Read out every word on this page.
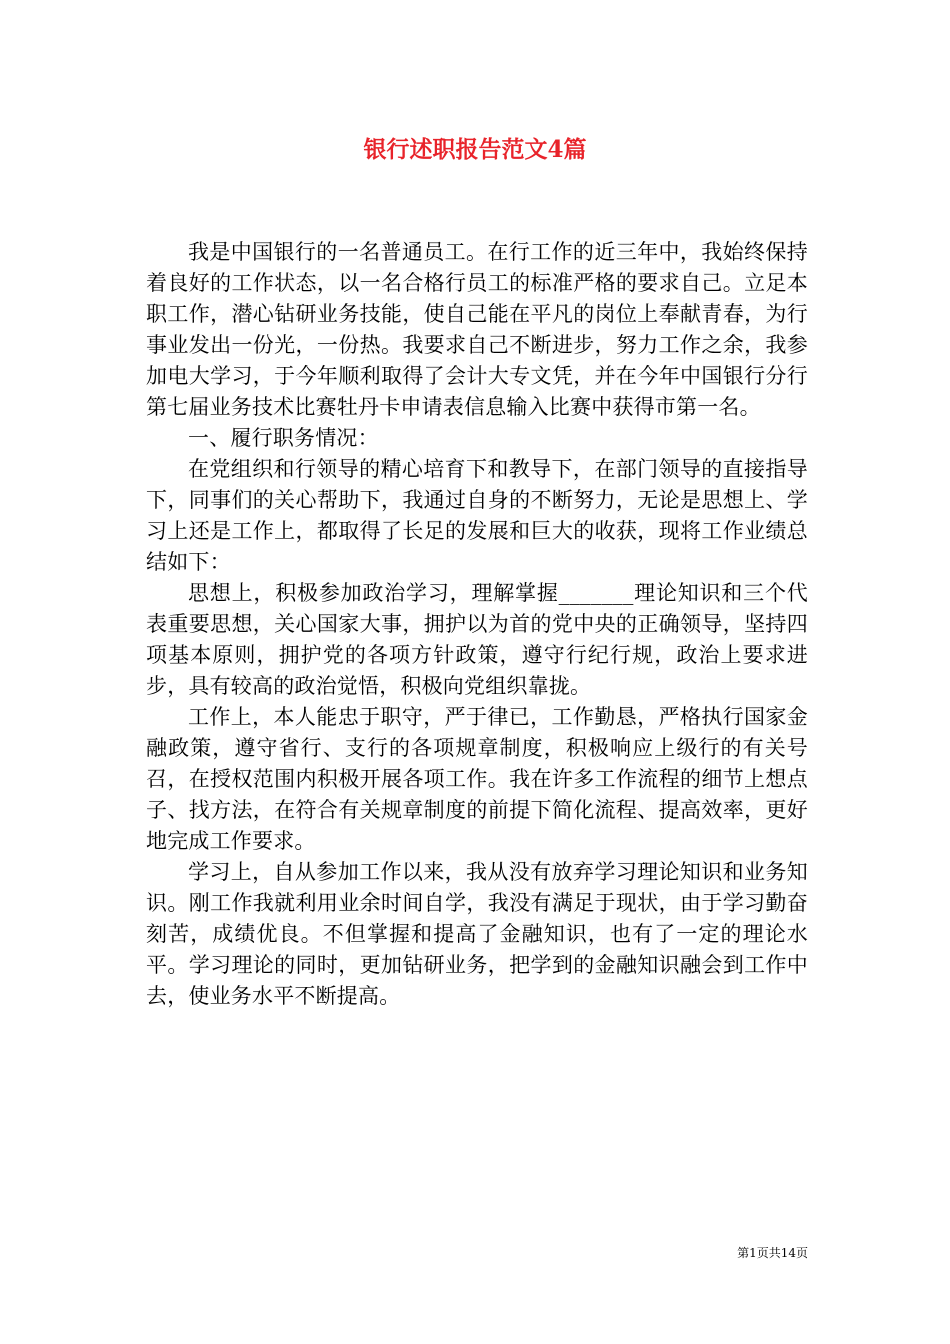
银行述职报告范文4篇

我是中国银行的一名普通员工。在行工作的近三年中，我始终保持着良好的工作状态，以一名合格行员工的标准严格的要求自己。立足本职工作，潜心钻研业务技能，使自己能在平凡的岗位上奉献青春，为行事业发出一份光，一份热。我要求自己不断进步，努力工作之余，我参加电大学习，于今年顺利取得了会计大专文凭，并在今年中国银行分行第七届业务技术比赛牡丹卡申请表信息输入比赛中获得市第一名。

一、履行职务情况：

在党组织和行领导的精心培育下和教导下，在部门领导的直接指导下，同事们的关心帮助下，我通过自身的不断努力，无论是思想上、学习上还是工作上，都取得了长足的发展和巨大的收获，现将工作业绩总结如下：

思想上，积极参加政治学习，理解掌握_______理论知识和三个代表重要思想，关心国家大事，拥护以为首的党中央的正确领导，坚持四项基本原则，拥护党的各项方针政策，遵守行纪行规，政治上要求进步，具有较高的政治觉悟，积极向党组织靠拢。

工作上，本人能忠于职守，严于律已，工作勤恳，严格执行国家金融政策，遵守省行、支行的各项规章制度，积极响应上级行的有关号召，在授权范围内积极开展各项工作。我在许多工作流程的细节上想点子、找方法，在符合有关规章制度的前提下简化流程、提高效率，更好地完成工作要求。

学习上，自从参加工作以来，我从没有放弃学习理论知识和业务知识。刚工作我就利用业余时间自学，我没有满足于现状，由于学习勤奋刻苦，成绩优良。不但掌握和提高了金融知识，也有了一定的理论水平。学习理论的同时，更加钻研业务，把学到的金融知识融会到工作中去，使业务水平不断提高。

第1页共14页
